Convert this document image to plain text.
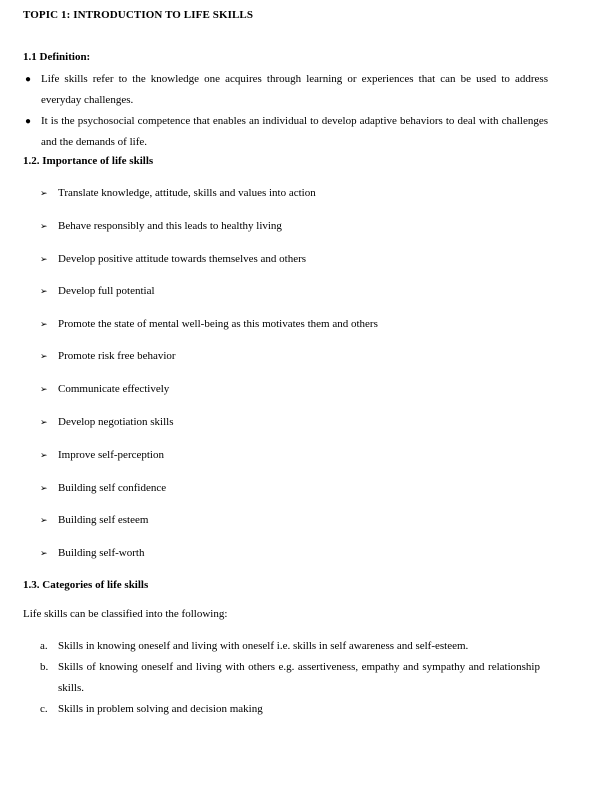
TOPIC 1: INTRODUCTION TO LIFE SKILLS
1.1 Definition:
● Life skills refer to the knowledge one acquires through learning or experiences that can be used to address everyday challenges.
● It is the psychosocial competence that enables an individual to develop adaptive behaviors to deal with challenges and the demands of life.
1.2. Importance of life skills
➢ Translate knowledge, attitude, skills and values into action
➢ Behave responsibly and this leads to healthy living
➢ Develop positive attitude towards themselves and others
➢ Develop full potential
➢ Promote the state of mental well-being as this motivates them and others
➢ Promote risk free behavior
➢ Communicate effectively
➢ Develop negotiation skills
➢ Improve self-perception
➢ Building self confidence
➢ Building self esteem
➢ Building self-worth
1.3. Categories of life skills
Life skills can be classified into the following:
a. Skills in knowing oneself and living with oneself i.e. skills in self awareness and self-esteem.
b. Skills of knowing oneself and living with others e.g. assertiveness, empathy and sympathy and relationship skills.
c. Skills in problem solving and decision making
